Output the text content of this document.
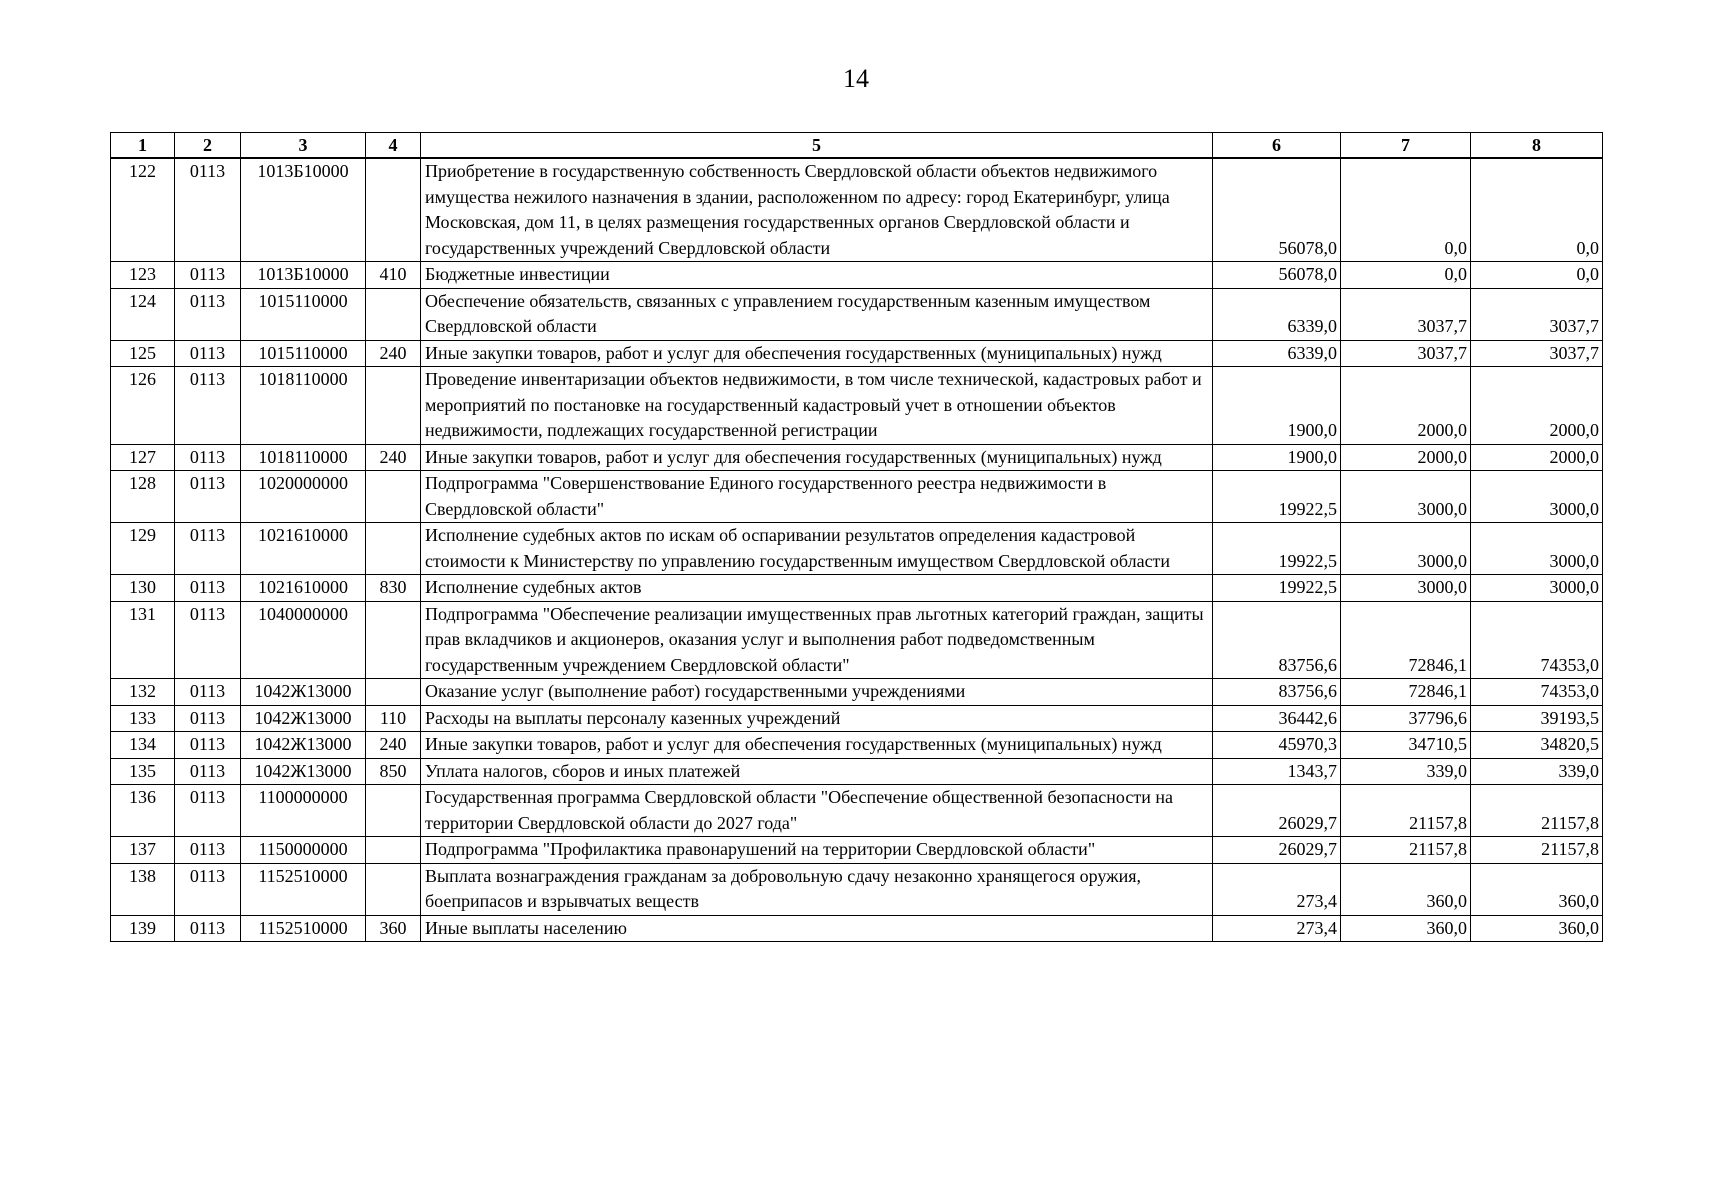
14
1	2	3	4	5	6	7	8
122	0113	1013Б10000		Приобретение в государственную собственность Свердловской области объектов недвижимого имущества нежилого назначения в здании, расположенном по адресу: город Екатеринбург, улица Московская, дом 11, в целях размещения государственных органов Свердловской области и государственных учреждений Свердловской области	56078,0	0,0	0,0
123	0113	1013Б10000	410	Бюджетные инвестиции	56078,0	0,0	0,0
124	0113	1015110000		Обеспечение обязательств, связанных с управлением государственным казенным имуществом Свердловской области	6339,0	3037,7	3037,7
125	0113	1015110000	240	Иные закупки товаров, работ и услуг для обеспечения государственных (муниципальных) нужд	6339,0	3037,7	3037,7
126	0113	1018110000		Проведение инвентаризации объектов недвижимости, в том числе технической, кадастровых работ и мероприятий по постановке на государственный кадастровый учет в отношении объектов недвижимости, подлежащих государственной регистрации	1900,0	2000,0	2000,0
127	0113	1018110000	240	Иные закупки товаров, работ и услуг для обеспечения государственных (муниципальных) нужд	1900,0	2000,0	2000,0
128	0113	1020000000		Подпрограмма "Совершенствование Единого государственного реестра недвижимости в Свердловской области"	19922,5	3000,0	3000,0
129	0113	1021610000		Исполнение судебных актов по искам об оспаривании результатов определения кадастровой стоимости к Министерству по управлению государственным имуществом Свердловской области	19922,5	3000,0	3000,0
130	0113	1021610000	830	Исполнение судебных актов	19922,5	3000,0	3000,0
131	0113	1040000000		Подпрограмма "Обеспечение реализации имущественных прав льготных категорий граждан, защиты прав вкладчиков и акционеров, оказания услуг и выполнения работ подведомственным государственным учреждением Свердловской области"	83756,6	72846,1	74353,0
132	0113	1042Ж13000		Оказание услуг (выполнение работ) государственными учреждениями	83756,6	72846,1	74353,0
133	0113	1042Ж13000	110	Расходы на выплаты персоналу казенных учреждений	36442,6	37796,6	39193,5
134	0113	1042Ж13000	240	Иные закупки товаров, работ и услуг для обеспечения государственных (муниципальных) нужд	45970,3	34710,5	34820,5
135	0113	1042Ж13000	850	Уплата налогов, сборов и иных платежей	1343,7	339,0	339,0
136	0113	1100000000		Государственная программа Свердловской области "Обеспечение общественной безопасности на территории Свердловской области до 2027 года"	26029,7	21157,8	21157,8
137	0113	1150000000		Подпрограмма "Профилактика правонарушений на территории Свердловской области"	26029,7	21157,8	21157,8
138	0113	1152510000		Выплата вознаграждения гражданам за добровольную сдачу незаконно хранящегося оружия, боеприпасов и взрывчатых веществ	273,4	360,0	360,0
139	0113	1152510000	360	Иные выплаты населению	273,4	360,0	360,0
